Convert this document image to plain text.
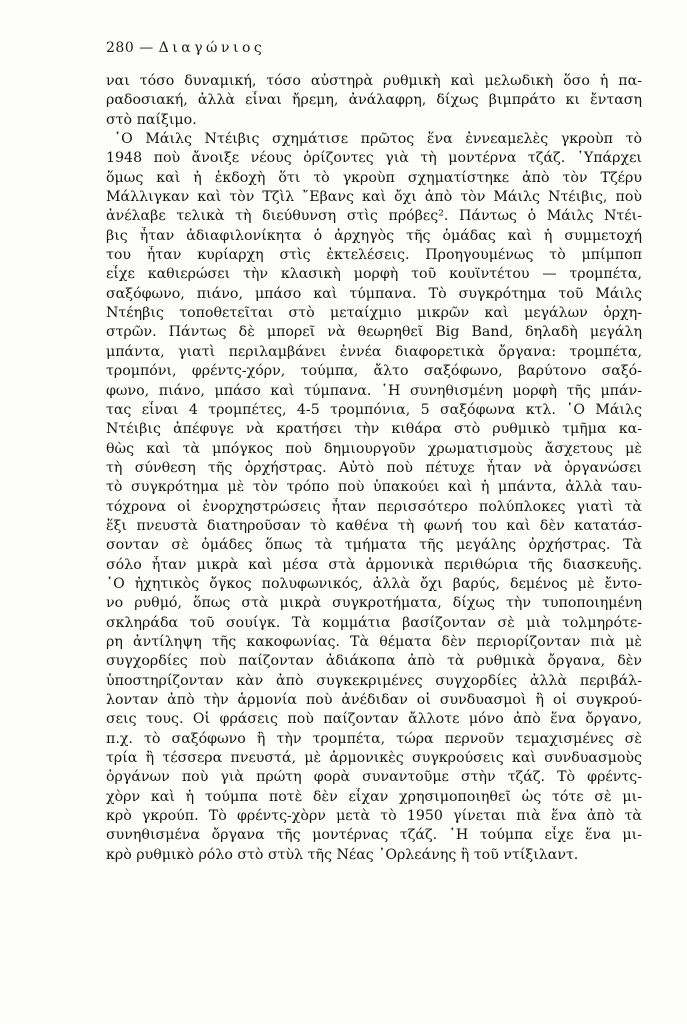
280 — Διαγώνιος
ναι τόσο δυναμική, τόσο αὐστηρὰ ρυθμικὴ καὶ μελωδικὴ ὅσο ἡ πα-
ραδοσιακή, ἀλλὰ εἶναι ἤρεμη, ἀνάλαφρη, δίχως βιμπράτο κι ἔνταση
στὸ παίξιμο.
῾Ο Μάιλς Ντέιβις σχημάτισε πρῶτος ἕνα ἐννεαμελὲς γκροὺπ τὸ
1948 ποὺ ἄνοιξε νέους ὁρίζοντες γιὰ τὴ μοντέρνα τζάζ. ῾Υπάρχει
ὅμως καὶ ἡ ἐκδοχὴ ὅτι τὸ γκροὺπ σχηματίστηκε ἀπὸ τὸν Τζέρυ
Μάλλιγκαν καὶ τὸν Τζὶλ ῎Εβανς καὶ ὄχι ἀπὸ τὸν Μάιλς Ντέιβις, ποὺ
ἀνέλαβε τελικὰ τὴ διεύθυνση στὶς πρόβες². Πάντως ὁ Μάιλς Ντέι-
βις ἦταν ἀδιαφιλονίκητα ὁ ἀρχηγὸς τῆς ὁμάδας καὶ ἡ συμμετοχή
του ἦταν κυρίαρχη στὶς ἐκτελέσεις. Προηγουμένως τὸ μπίμποπ
εἶχε καθιερώσει τὴν κλασικὴ μορφὴ τοῦ κουϊντέτου — τρομπέτα,
σαξόφωνο, πιάνο, μπάσο καὶ τύμπανα. Τὸ συγκρότημα τοῦ Μάιλς
Ντέηβις τοποθετεῖται στὸ μεταίχμιο μικρῶν καὶ μεγάλων ὀρχη-
στρῶν. Πάντως δὲ μπορεῖ νὰ θεωρηθεῖ Big Band, δηλαδὴ μεγάλη
μπάντα, γιατὶ περιλαμβάνει ἐννέα διαφορετικὰ ὄργανα: τρομπέτα,
τρομπόνι, φρέντς-χόρν, τούμπα, ἄλτο σαξόφωνο, βαρύτονο σαξό-
φωνο, πιάνο, μπάσο καὶ τύμπανα. ῾Η συνηθισμένη μορφὴ τῆς μπάν-
τας εἶναι 4 τρομπέτες, 4-5 τρομπόνια, 5 σαξόφωνα κτλ. ῾Ο Μάιλς
Ντέιβις ἀπέφυγε νὰ κρατήσει τὴν κιθάρα στὸ ρυθμικὸ τμῆμα κα-
θὼς καὶ τὰ μπόγκος ποὺ δημιουργοῦν χρωματισμοὺς ἄσχετους μὲ
τὴ σύνθεση τῆς ὀρχήστρας. Αὐτὸ ποὺ πέτυχε ἦταν νὰ ὀργανώσει
τὸ συγκρότημα μὲ τὸν τρόπο ποὺ ὑπακούει καὶ ἡ μπάντα, ἀλλὰ ταυ-
τόχρονα οἱ ἐνορχηστρώσεις ἦταν περισσότερο πολύπλοκες γιατὶ τὰ
ἕξι πνευστὰ διατηροῦσαν τὸ καθένα τὴ φωνή του καὶ δὲν κατατάσ-
σονταν σὲ ὁμάδες ὅπως τὰ τμήματα τῆς μεγάλης ὀρχήστρας. Τὰ
σόλο ἦταν μικρὰ καὶ μέσα στὰ ἁρμονικὰ περιθώρια τῆς διασκευῆς.
῾Ο ἠχητικὸς ὄγκος πολυφωνικός, ἀλλὰ ὄχι βαρύς, δεμένος μὲ ἔντο-
νο ρυθμό, ὅπως στὰ μικρὰ συγκροτήματα, δίχως τὴν τυποποιημένη
σκληράδα τοῦ σουίγκ. Τὰ κομμάτια βασίζονταν σὲ μιὰ τολμηρότε-
ρη ἀντίληψη τῆς κακοφωνίας. Τὰ θέματα δὲν περιορίζονταν πιὰ μὲ
συγχορδίες ποὺ παίζονταν ἀδιάκοπα ἀπὸ τὰ ρυθμικὰ ὄργανα, δὲν
ὑποστηρίζονταν κὰν ἀπὸ συγκεκριμένες συγχορδίες ἀλλὰ περιβάλ-
λονταν ἀπὸ τὴν ἁρμονία ποὺ ἀνέδιδαν οἱ συνδυασμοὶ ἢ οἱ συγκρού-
σεις τους. Οἱ φράσεις ποὺ παίζονταν ἄλλοτε μόνο ἀπὸ ἕνα ὄργανο,
π.χ. τὸ σαξόφωνο ἢ τὴν τρομπέτα, τώρα περνοῦν τεμαχισμένες σὲ
τρία ἢ τέσσερα πνευστά, μὲ ἁρμονικὲς συγκρούσεις καὶ συνδυασμοὺς
ὀργάνων ποὺ γιὰ πρώτη φορὰ συναντοῦμε στὴν τζάζ. Τὸ φρέντς-
χὸρν καὶ ἡ τούμπα ποτὲ δὲν εἶχαν χρησιμοποιηθεῖ ὡς τότε σὲ μι-
κρὸ γκρούπ. Τὸ φρέντς-χὸρν μετὰ τὸ 1950 γίνεται πιὰ ἕνα ἀπὸ τὰ
συνηθισμένα ὄργανα τῆς μοντέρνας τζάζ. ῾Η τούμπα εἶχε ἕνα μι-
κρὸ ρυθμικὸ ρόλο στὸ στὺλ τῆς Νέας ᾽Ορλεάνης ἢ τοῦ ντίξιλαντ.
